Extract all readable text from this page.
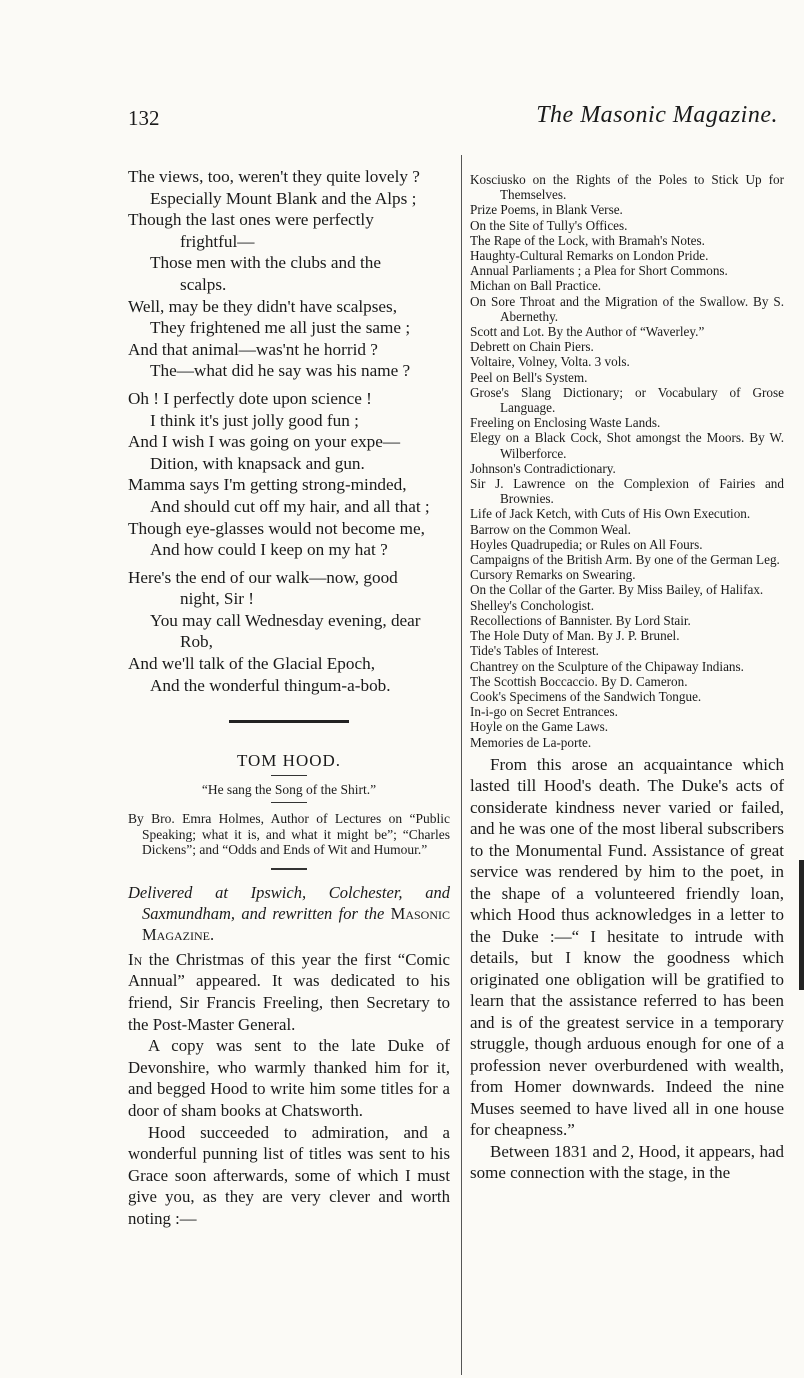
132	The Masonic Magazine.

The views, too, weren't they quite lovely ?

Especially Mount Blank and the Alps ;

Though the last ones were perfectly

frightful—

Those men with the clubs and the

scalps.

Well, may be they didn't have scalpses,

They frightened me all just the same ;

And that animal—was'nt he horrid ?

The—what did he say was his name ?

Oh ! I perfectly dote upon science !

I think it's just jolly good fun ;

And I wish I was going on your expe—

Dition, with knapsack and gun.

Mamma says I'm getting strong-minded,

And should cut off my hair, and all that ;

Though eye-glasses would not become me,

And how could I keep on my hat ?

Here's the end of our walk—now, good

night, Sir !

You may call Wednesday evening, dear

Rob,

And we'll talk of the Glacial Epoch,

And the wonderful thingum-a-bob.

TOM HOOD.

“He sang the Song of the Shirt.”

By Bro. Emra Holmes, Author of Lectures on “Public Speaking; what it is, and what it might be”; “Charles Dickens”; and “Odds and Ends of Wit and Humour.”

Delivered at Ipswich, Colchester, and Saxmundham, and rewritten for the Masonic Magazine.

In the Christmas of this year the first “Comic Annual” appeared. It was dedicated to his friend, Sir Francis Freeling, then Secretary to the Post-Master General.

A copy was sent to the late Duke of Devonshire, who warmly thanked him for it, and begged Hood to write him some titles for a door of sham books at Chatsworth.

Hood succeeded to admiration, and a wonderful punning list of titles was sent to his Grace soon afterwards, some of which I must give you, as they are very clever and worth noting :—

Kosciusko on the Rights of the Poles to Stick Up for Themselves.
Prize Poems, in Blank Verse.
On the Site of Tully's Offices.
The Rape of the Lock, with Bramah's Notes.
Haughty-Cultural Remarks on London Pride.
Annual Parliaments ; a Plea for Short Commons.
Michan on Ball Practice.
On Sore Throat and the Migration of the Swallow. By S. Abernethy.
Scott and Lot. By the Author of “Waverley.”
Debrett on Chain Piers.
Voltaire, Volney, Volta. 3 vols.
Peel on Bell's System.
Grose's Slang Dictionary; or Vocabulary of Grose Language.
Freeling on Enclosing Waste Lands.
Elegy on a Black Cock, Shot amongst the Moors. By W. Wilberforce.
Johnson's Contradictionary.
Sir J. Lawrence on the Complexion of Fairies and Brownies.
Life of Jack Ketch, with Cuts of His Own Execution.
Barrow on the Common Weal.
Hoyles Quadrupedia; or Rules on All Fours.
Campaigns of the British Arm. By one of the German Leg.
Cursory Remarks on Swearing.
On the Collar of the Garter. By Miss Bailey, of Halifax.
Shelley's Conchologist.
Recollections of Bannister. By Lord Stair.
The Hole Duty of Man. By J. P. Brunel.
Tide's Tables of Interest.
Chantrey on the Sculpture of the Chipaway Indians.
The Scottish Boccaccio. By D. Cameron.
Cook's Specimens of the Sandwich Tongue.
In-i-go on Secret Entrances.
Hoyle on the Game Laws.
Memories de La-porte.

From this arose an acquaintance which lasted till Hood's death. The Duke's acts of considerate kindness never varied or failed, and he was one of the most liberal subscribers to the Monumental Fund. Assistance of great service was rendered by him to the poet, in the shape of a volunteered friendly loan, which Hood thus acknowledges in a letter to the Duke :—“ I hesitate to intrude with details, but I know the goodness which originated one obligation will be gratified to learn that the assistance referred to has been and is of the greatest service in a temporary struggle, though arduous enough for one of a profession never overburdened with wealth, from Homer downwards. Indeed the nine Muses seemed to have lived all in one house for cheapness.”

Between 1831 and 2, Hood, it appears, had some connection with the stage, in the
